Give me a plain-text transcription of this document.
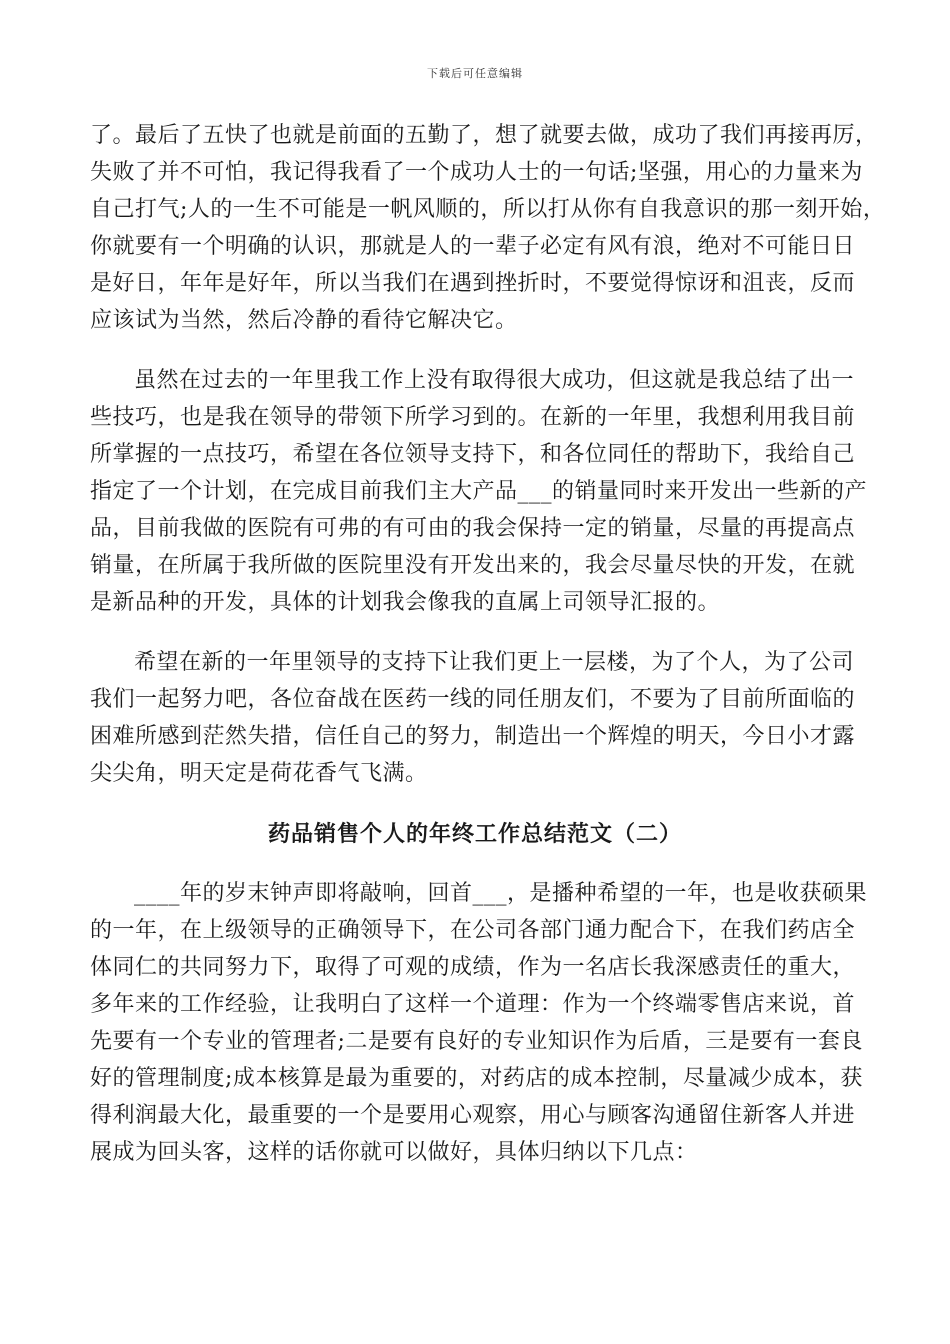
下载后可任意编辑
了。最后了五快了也就是前面的五勤了，想了就要去做，成功了我们再接再厉，
失败了并不可怕，我记得我看了一个成功人士的一句话;坚强，用心的力量来为
自己打气;人的一生不可能是一帆风顺的，所以打从你有自我意识的那一刻开始，
你就要有一个明确的认识，那就是人的一辈子必定有风有浪，绝对不可能日日
是好日，年年是好年，所以当我们在遇到挫折时，不要觉得惊讶和沮丧，反而
应该试为当然，然后冷静的看待它解决它。
虽然在过去的一年里我工作上没有取得很大成功，但这就是我总结了出一
些技巧，也是我在领导的带领下所学习到的。在新的一年里，我想利用我目前
所掌握的一点技巧，希望在各位领导支持下，和各位同任的帮助下，我给自己
指定了一个计划，在完成目前我们主大产品___的销量同时来开发出一些新的产
品，目前我做的医院有可弗的有可由的我会保持一定的销量，尽量的再提高点
销量，在所属于我所做的医院里没有开发出来的，我会尽量尽快的开发，在就
是新品种的开发，具体的计划我会像我的直属上司领导汇报的。
希望在新的一年里领导的支持下让我们更上一层楼，为了个人，为了公司
我们一起努力吧，各位奋战在医药一线的同任朋友们，不要为了目前所面临的
困难所感到茫然失措，信任自己的努力，制造出一个辉煌的明天，今日小才露
尖尖角，明天定是荷花香气飞满。
药品销售个人的年终工作总结范文（二）
____年的岁末钟声即将敲响，回首___，是播种希望的一年，也是收获硕果
的一年，在上级领导的正确领导下，在公司各部门通力配合下，在我们药店全
体同仁的共同努力下，取得了可观的成绩，作为一名店长我深感责任的重大，
多年来的工作经验，让我明白了这样一个道理：作为一个终端零售店来说，首
先要有一个专业的管理者;二是要有良好的专业知识作为后盾，三是要有一套良
好的管理制度;成本核算是最为重要的，对药店的成本控制，尽量减少成本，获
得利润最大化，最重要的一个是要用心观察，用心与顾客沟通留住新客人并进
展成为回头客，这样的话你就可以做好，具体归纳以下几点：
